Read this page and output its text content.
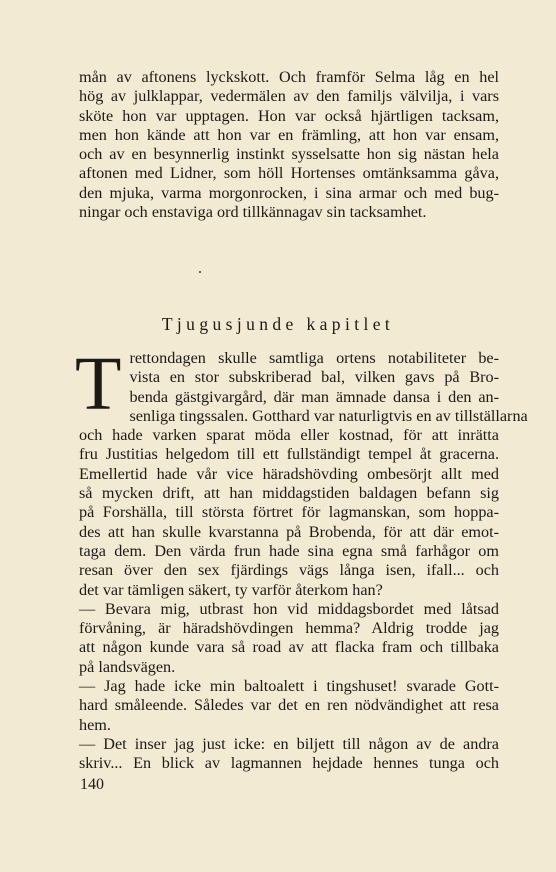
mån av aftonens lyckskott. Och framför Selma låg en hel
hög av julklappar, vedermälen av den familjs välvilja, i vars
sköte hon var upptagen. Hon var också hjärtligen tacksam,
men hon kände att hon var en främling, att hon var ensam,
och av en besynnerlig instinkt sysselsatte hon sig nästan hela
aftonen med Lidner, som höll Hortenses omtänksamma gåva,
den mjuka, varma morgonrocken, i sina armar och med bug-
ningar och enstaviga ord tillkännagav sin tacksamhet.
Tjugusjunde kapitlet
T rettondagen skulle samtliga ortens notabiliteter be-
vista en stor subskriberad bal, vilken gavs på Bro-
benda gästgivargård, där man ämnade dansa i den an-
senliga tingssalen. Gotthard var naturligtvis en av tillställarna
och hade varken sparat möda eller kostnad, för att inrätta
fru Justitias helgedom till ett fullständigt tempel åt gracerna.
Emellertid hade vår vice häradshövding ombesörjt allt med
så mycken drift, att han middagstiden baldagen befann sig
på Forshälla, till största förtret för lagmanskan, som hoppa-
des att han skulle kvarstanna på Brobenda, för att där emot-
taga dem. Den värda frun hade sina egna små farhågor om
resan över den sex fjärdings vägs långa isen, ifall... och
det var tämligen säkert, ty varför återkom han?
— Bevara mig, utbrast hon vid middagsbordet med låtsad
förvåning, är häradshövdingen hemma? Aldrig trodde jag
att någon kunde vara så road av att flacka fram och tillbaka
på landsvägen.
— Jag hade icke min baltoalett i tingshuset! svarade Gott-
hard småleende. Således var det en ren nödvändighet att resa
hem.
— Det inser jag just icke: en biljett till någon av de andra
skriv... En blick av lagmannen hejdade hennes tunga och
140
